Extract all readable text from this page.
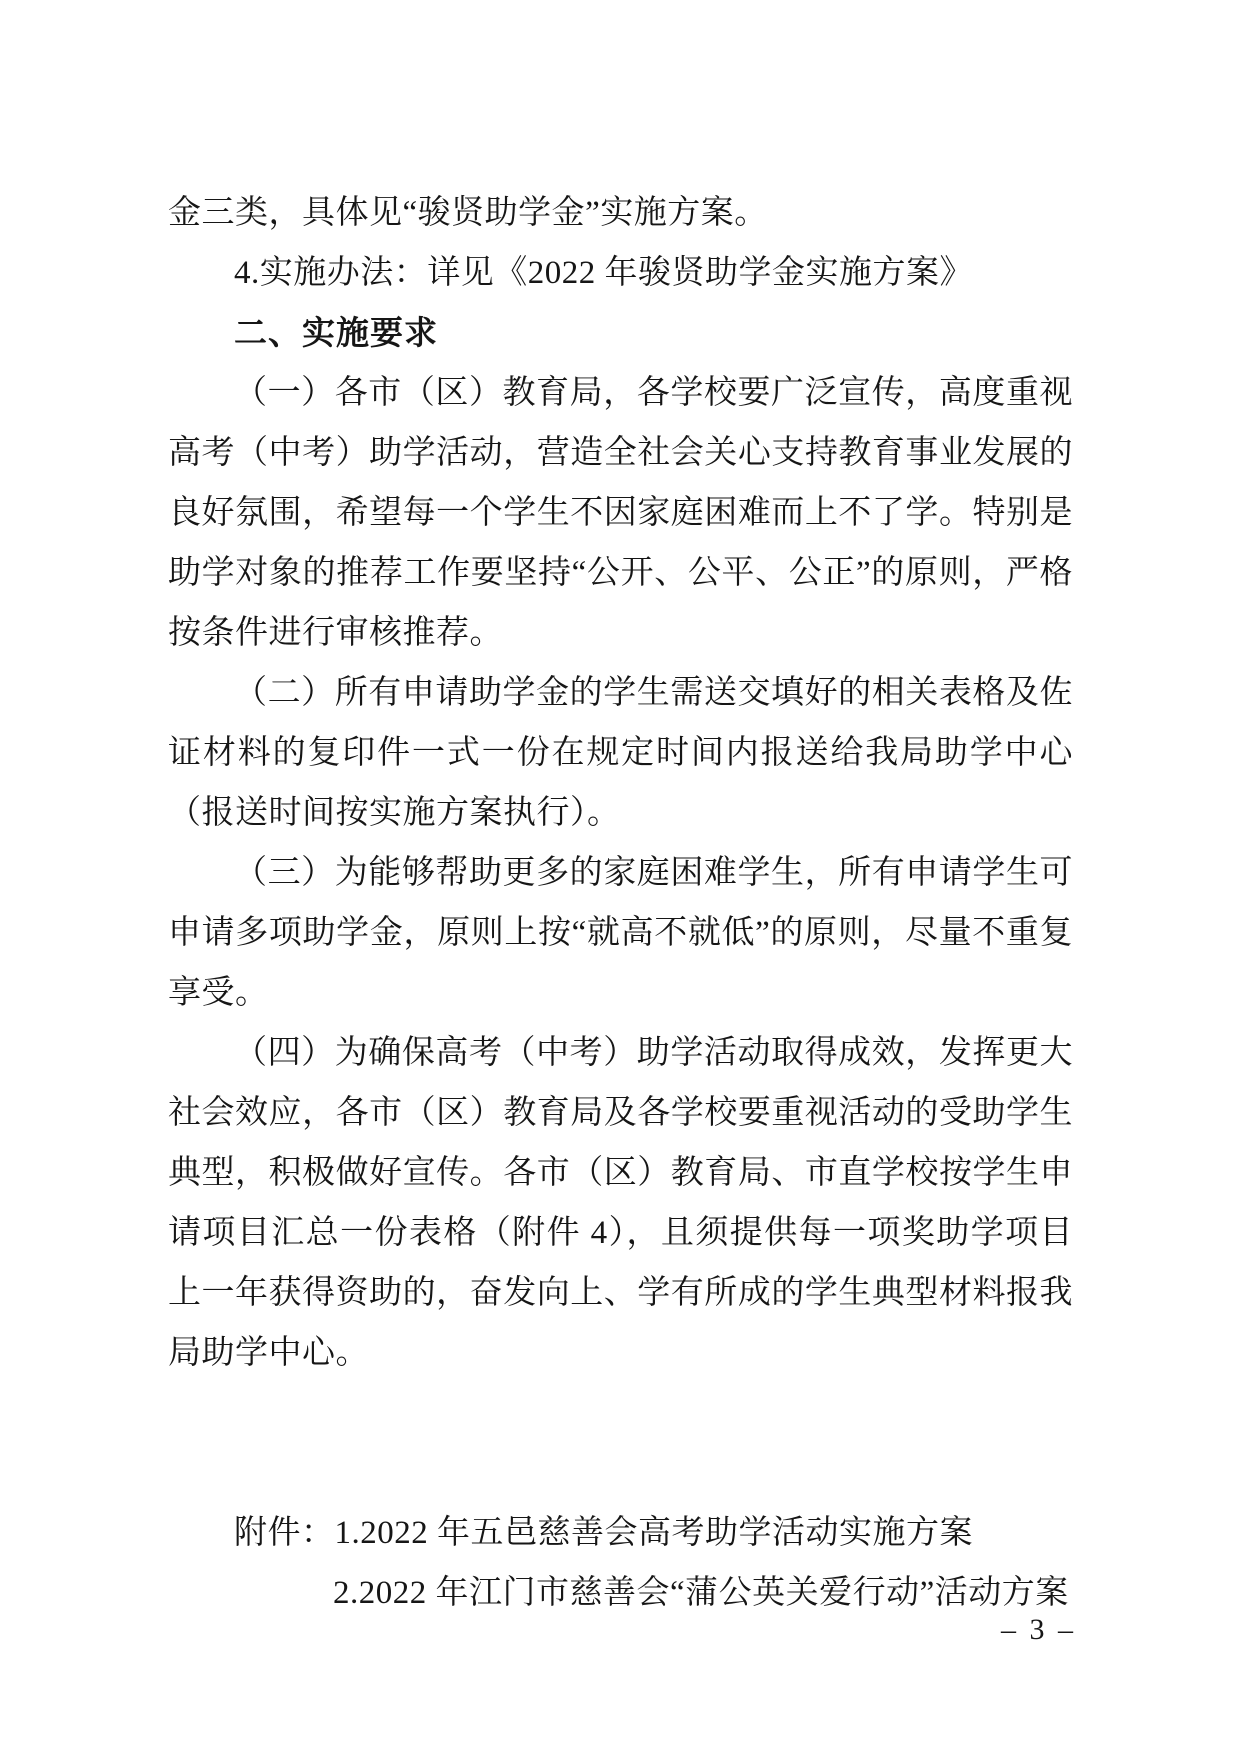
金三类，具体见“骏贤助学金”实施方案。

4.实施办法：详见《2022 年骏贤助学金实施方案》

二、实施要求

（一）各市（区）教育局，各学校要广泛宣传，高度重视高考（中考）助学活动，营造全社会关心支持教育事业发展的良好氛围，希望每一个学生不因家庭困难而上不了学。特别是助学对象的推荐工作要坚持“公开、公平、公正”的原则，严格按条件进行审核推荐。

（二）所有申请助学金的学生需送交填好的相关表格及佐证材料的复印件一式一份在规定时间内报送给我局助学中心（报送时间按实施方案执行）。

（三）为能够帮助更多的家庭困难学生，所有申请学生可申请多项助学金，原则上按“就高不就低”的原则，尽量不重复享受。

（四）为确保高考（中考）助学活动取得成效，发挥更大社会效应，各市（区）教育局及各学校要重视活动的受助学生典型，积极做好宣传。各市（区）教育局、市直学校按学生申请项目汇总一份表格（附件 4），且须提供每一项奖助学项目上一年获得资助的，奋发向上、学有所成的学生典型材料报我局助学中心。

附件：1.2022 年五邑慈善会高考助学活动实施方案

2.2022 年江门市慈善会“蒲公英关爱行动”活动方案

– 3 –
